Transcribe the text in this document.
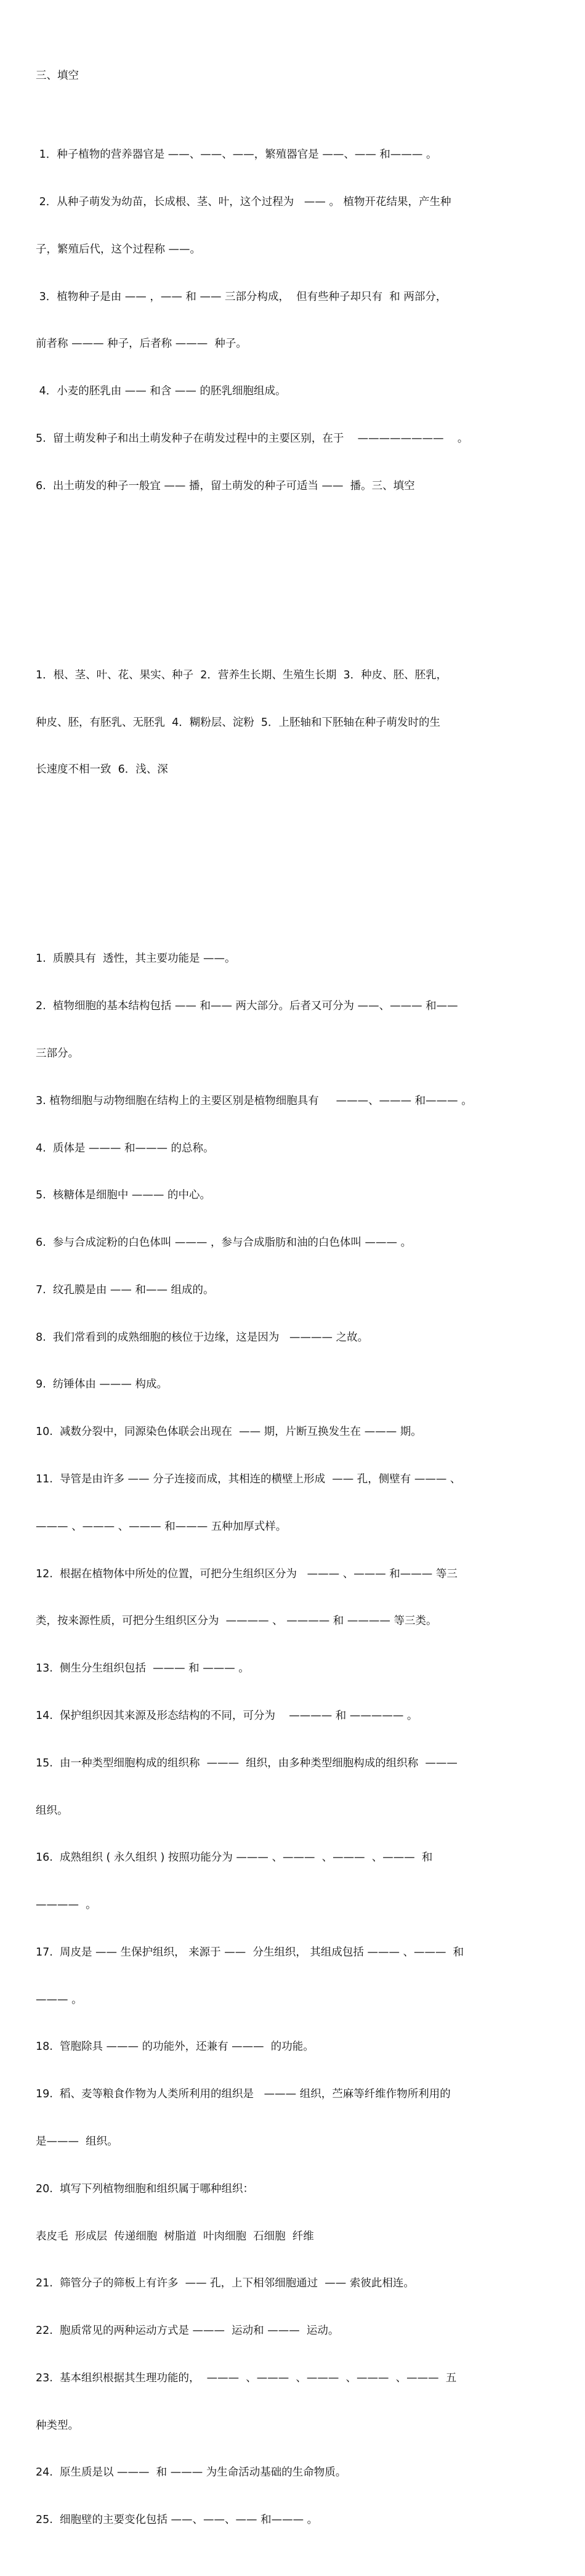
三、填空

1．种子植物的营养器官是 ——、——、——，繁殖器官是 ——、—— 和——— 。

2．从种子萌发为幼苗，长成根、茎、叶，这个过程为   —— 。 植物开花结果，产生种

子，繁殖后代，这个过程称 ——。

3．植物种子是由 —— ，—— 和 —— 三部分构成，  但有些种子却只有  和 两部分，

前者称 ——— 种子，后者称 ———  种子。

4．小麦的胚乳由 —— 和含 —— 的胚乳细胞组成。

5.  留土萌发种子和出土萌发种子在萌发过程中的主要区别，在于    ————————    。

6.  出土萌发的种子一般宜 —— 播，留土萌发的种子可适当 ——  播。三、填空

1．根、茎、叶、花、果实、种子  2．营养生长期、生殖生长期  3．种皮、胚、胚乳，

种皮、胚，有胚乳、无胚乳  4．糊粉层、淀粉  5．上胚轴和下胚轴在种子萌发时的生

长速度不相一致  6．浅、深

1.  质膜具有  透性，其主要功能是 ——。

2.  植物细胞的基本结构包括 —— 和—— 两大部分。后者又可分为 ——、——— 和——

三部分。

3. 植物细胞与动物细胞在结构上的主要区别是植物细胞具有     ———、——— 和——— 。

4.  质体是 ——— 和——— 的总称。

5.  核糖体是细胞中 ——— 的中心。

6.  参与合成淀粉的白色体叫 ——— ，参与合成脂肪和油的白色体叫 ——— 。

7.  纹孔膜是由 —— 和—— 组成的。

8.  我们常看到的成熟细胞的核位于边缘，这是因为   ———— 之故。

9.  纺锤体由 ——— 构成。

10.  减数分裂中，同源染色体联会出现在  —— 期，片断互换发生在 ——— 期。

11.  导管是由许多 —— 分子连接而成，其相连的横壁上形成  —— 孔，侧壁有 ——— 、

——— 、——— 、——— 和——— 五种加厚式样。

12.  根据在植物体中所处的位置，可把分生组织区分为   ——— 、——— 和——— 等三

类，按来源性质，可把分生组织区分为  ———— 、 ———— 和 ———— 等三类。

13.  侧生分生组织包括  ——— 和 ——— 。

14.  保护组织因其来源及形态结构的不同，可分为    ———— 和 ————— 。

15.  由一种类型细胞构成的组织称  ———  组织，由多种类型细胞构成的组织称  ———

组织。

16.  成熟组织 ( 永久组织 ) 按照功能分为 ——— 、———  、———  、———  和

————  。

17.  周皮是 —— 生保护组织， 来源于 ——  分生组织， 其组成包括 ——— 、———  和

——— 。

18.  管胞除具 ——— 的功能外，还兼有 ———  的功能。

19.  稻、麦等粮食作物为人类所利用的组织是   ——— 组织，苎麻等纤维作物所利用的

是———  组织。

20.  填写下列植物细胞和组织属于哪种组织：

表皮毛  形成层  传递细胞  树脂道  叶肉细胞  石细胞  纤维

21.  筛管分子的筛板上有许多  —— 孔，上下相邻细胞通过  —— 索彼此相连。

22.  胞质常见的两种运动方式是 ———  运动和 ———  运动。

23.  基本组织根据其生理功能的，  ———  、———  、———  、———  、———  五

种类型。

24.  原生质是以 ———  和 ——— 为生命活动基础的生命物质。

25.  细胞壁的主要变化包括 ——、——、—— 和——— 。
